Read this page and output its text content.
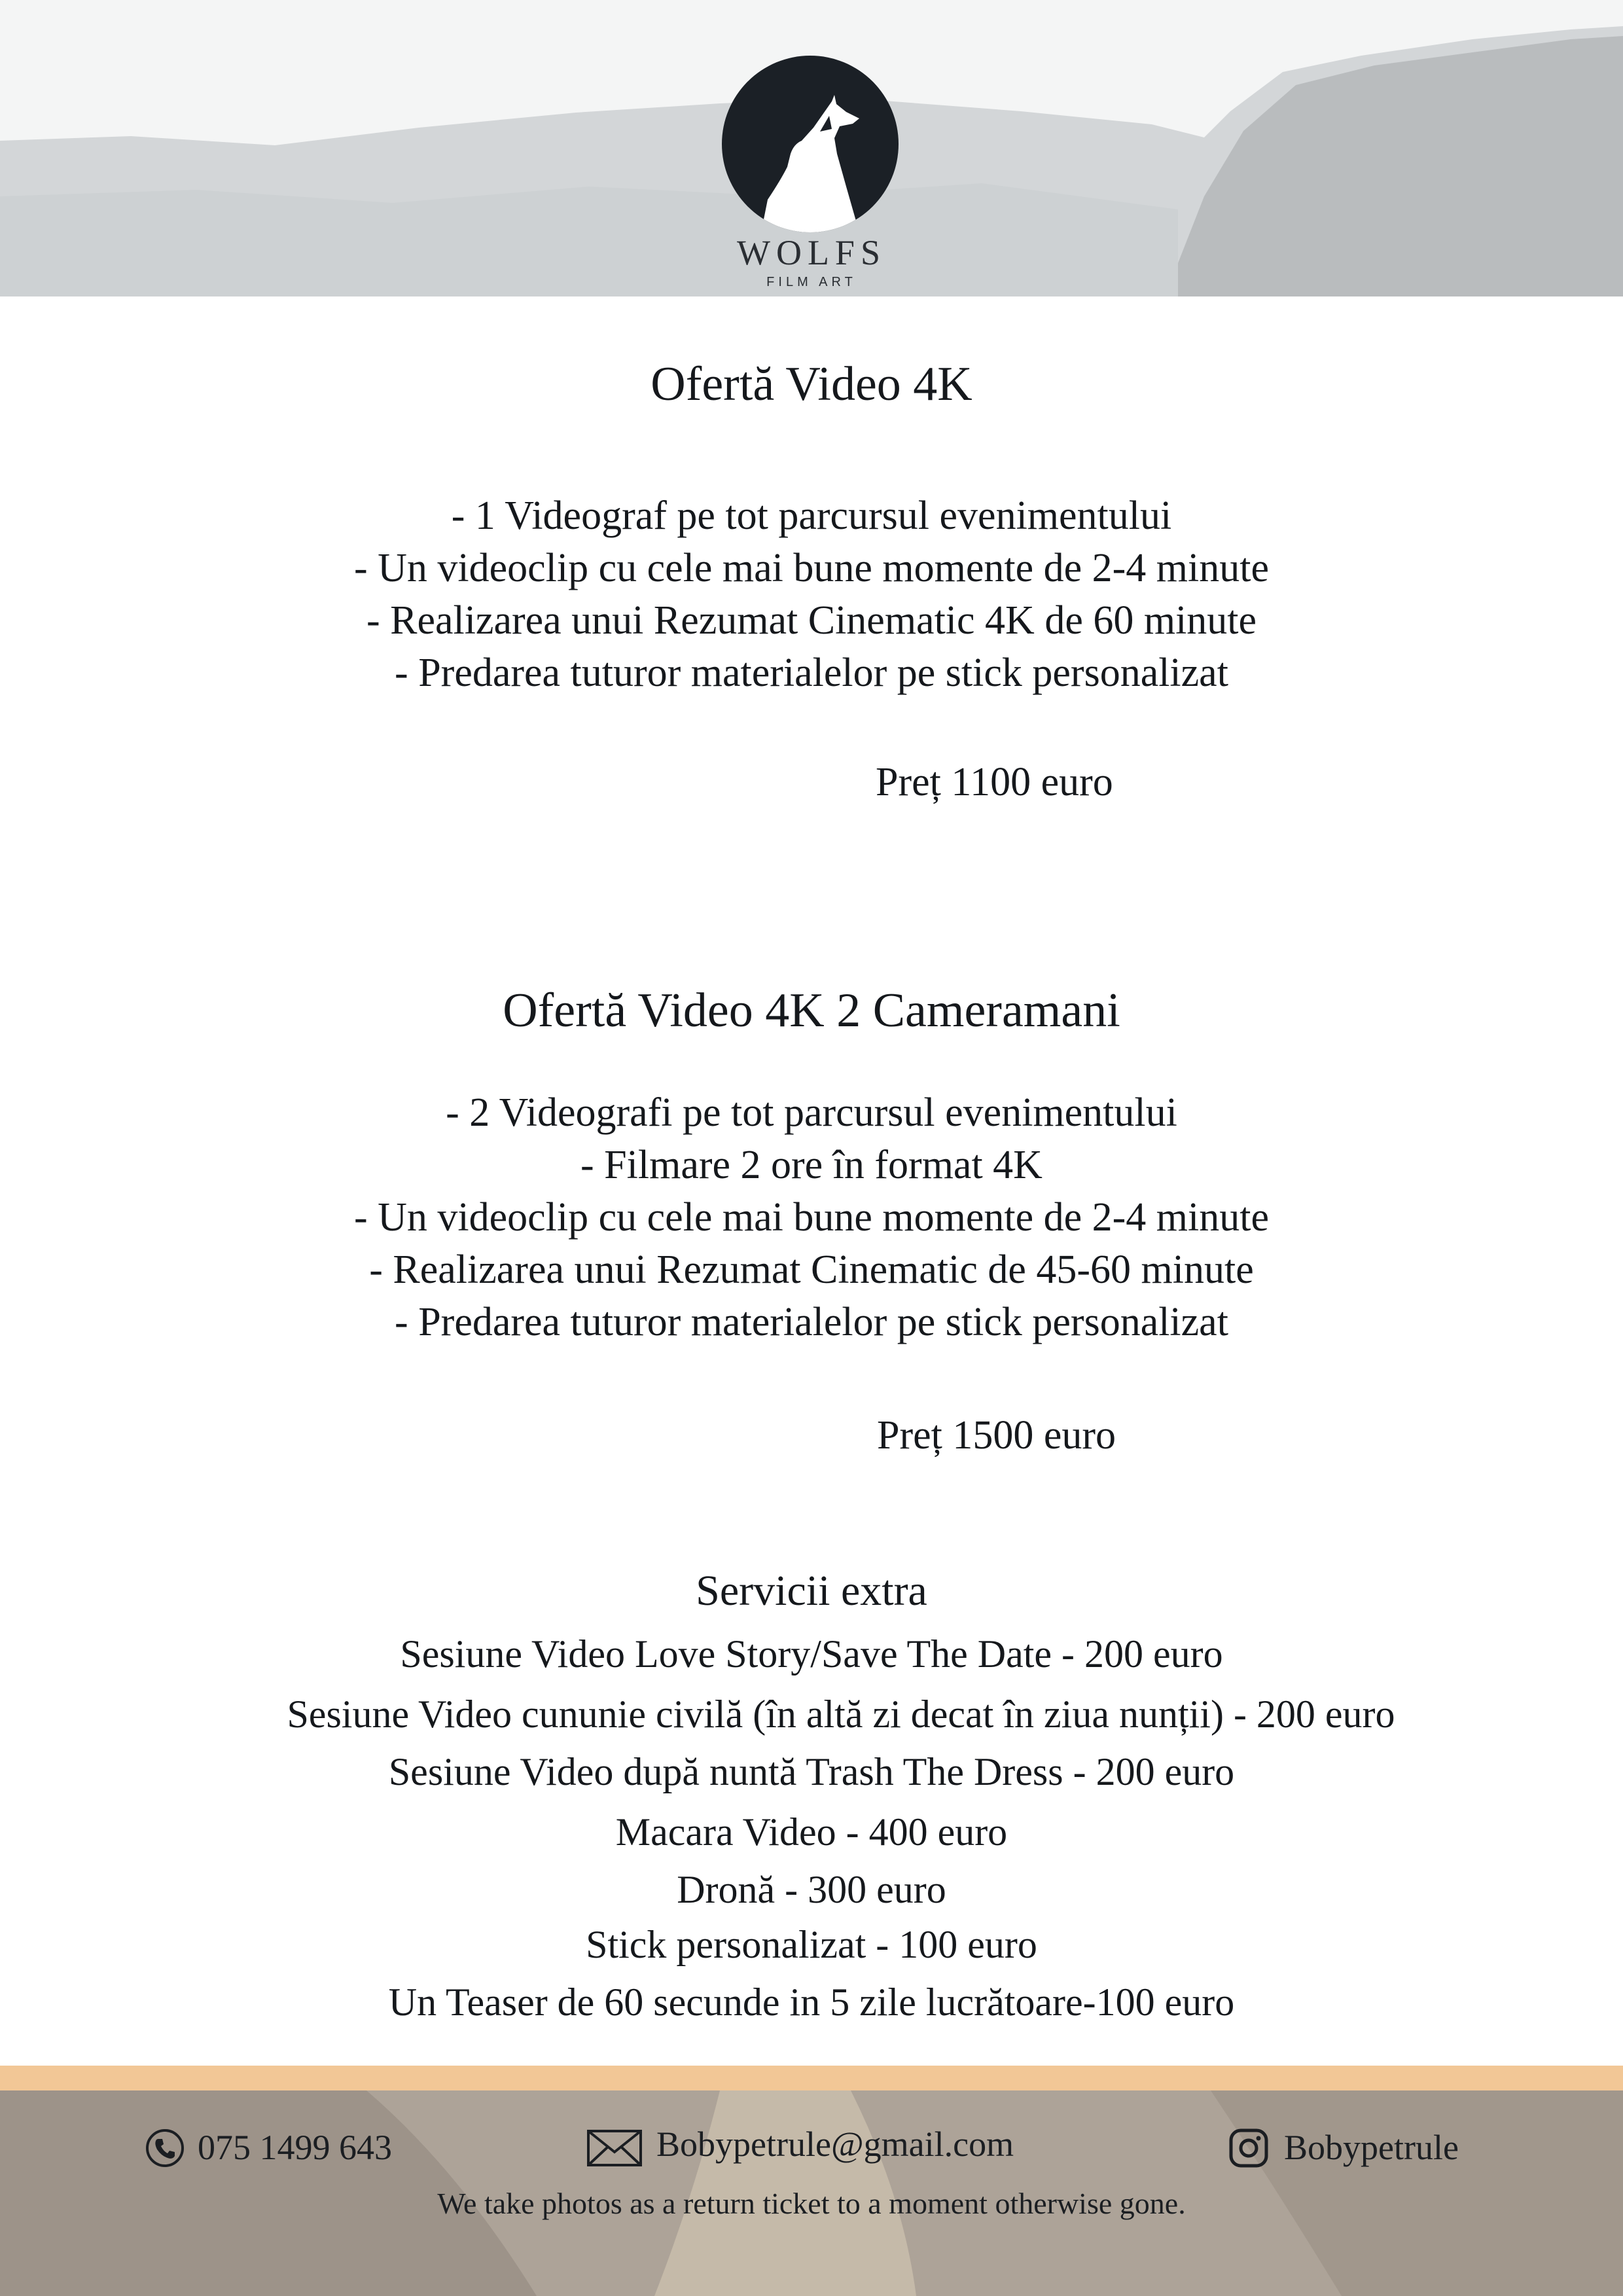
WOLFS
FILM ART
Ofertă Video 4K
- 1 Videograf pe tot parcursul evenimentului
- Un videoclip cu cele mai bune momente de 2-4 minute
- Realizarea unui Rezumat Cinematic 4K de 60 minute
- Predarea tuturor materialelor pe stick personalizat
Preț 1100 euro
Ofertă Video 4K 2 Cameramani
- 2 Videografi pe tot parcursul evenimentului
- Filmare 2 ore în format 4K
- Un videoclip cu cele mai bune momente de 2-4 minute
- Realizarea unui Rezumat Cinematic de 45-60 minute
- Predarea tuturor materialelor pe stick personalizat
Preț 1500 euro
Servicii extra
Sesiune Video Love Story/Save The Date - 200 euro
Sesiune Video cununie civilă (în altă zi decat în ziua nunții) - 200 euro
Sesiune Video după nuntă Trash The Dress - 200 euro
Macara Video - 400 euro
Dronă - 300 euro
Stick personalizat - 100 euro
Un Teaser de 60 secunde in 5 zile lucrătoare-100 euro
075 1499 643	Bobypetrule@gmail.com	Bobypetrule
We take photos as a return ticket to a moment otherwise gone.
